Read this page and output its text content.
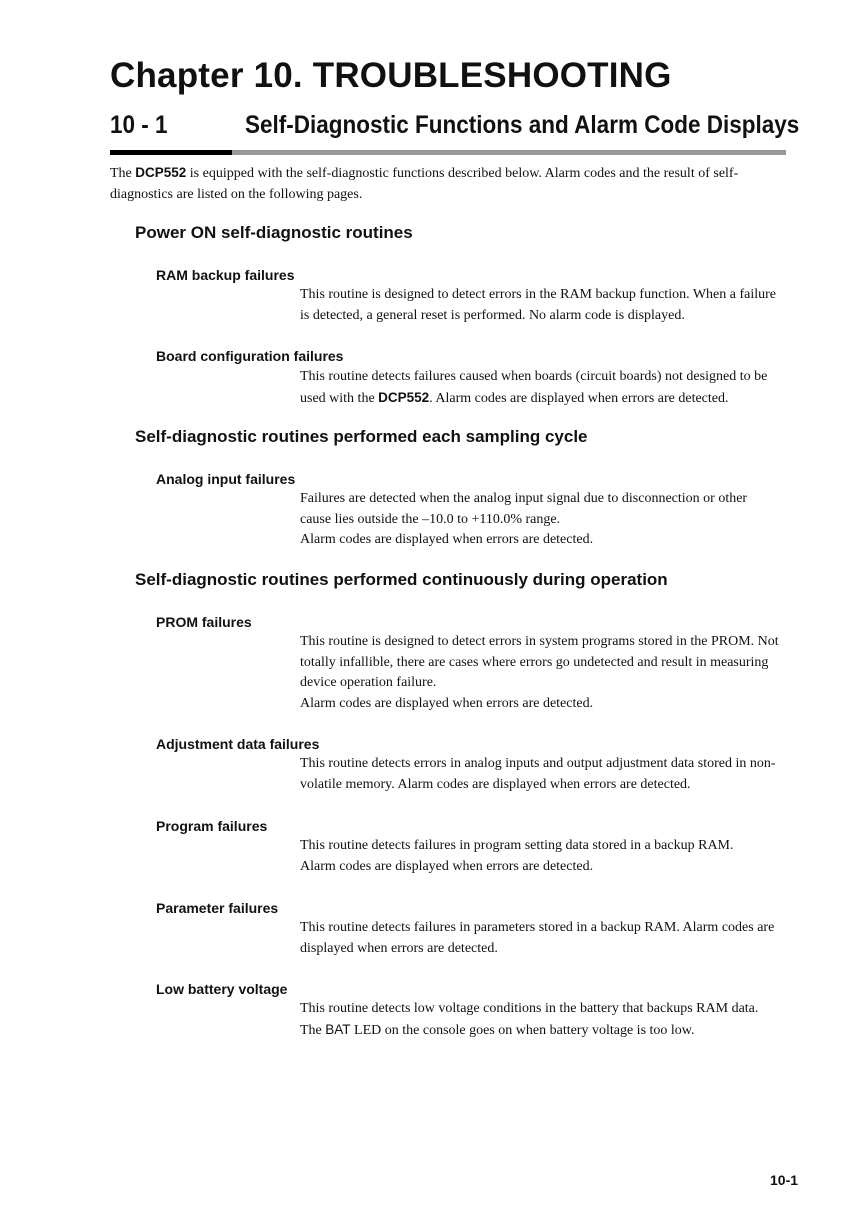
Chapter 10. TROUBLESHOOTING
10 - 1	Self-Diagnostic Functions and Alarm Code Displays

The DCP552 is equipped with the self-diagnostic functions described below. Alarm codes and the result of self-diagnostics are listed on the following pages.

Power ON self-diagnostic routines
RAM backup failures

This routine is designed to detect errors in the RAM backup function. When a failure is detected, a general reset is performed. No alarm code is displayed.

Board configuration failures

This routine detects failures caused when boards (circuit boards) not designed to be used with the DCP552. Alarm codes are displayed when errors are detected.

Self-diagnostic routines performed each sampling cycle
Analog input failures

Failures are detected when the analog input signal due to disconnection or other cause lies outside the –10.0 to +110.0% range.
Alarm codes are displayed when errors are detected.

Self-diagnostic routines performed continuously during operation
PROM failures

This routine is designed to detect errors in system programs stored in the PROM. Not totally infallible, there are cases where errors go undetected and result in measuring device operation failure.
Alarm codes are displayed when errors are detected.

Adjustment data failures

This routine detects errors in analog inputs and output adjustment data stored in non-volatile memory. Alarm codes are displayed when errors are detected.

Program failures

This routine detects failures in program setting data stored in a backup RAM.
Alarm codes are displayed when errors are detected.

Parameter failures

This routine detects failures in parameters stored in a backup RAM. Alarm codes are displayed when errors are detected.

Low battery voltage

This routine detects low voltage conditions in the battery that backups RAM data.
The BAT LED on the console goes on when battery voltage is too low.

10-1
